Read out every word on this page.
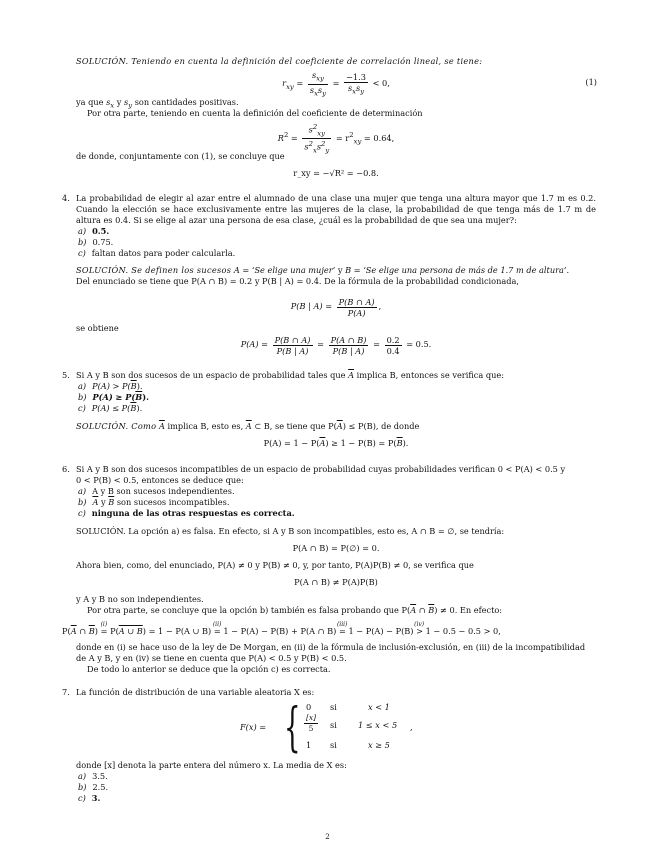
SOLUCIÓN. Teniendo en cuenta la definición del coeficiente de correlación lineal, se tiene:
$r_{xy} = \frac{s_{xy}}{s_xs_y} = \frac{-1.3}{s_xs_y} < 0$,	(1)
ya que $s_x$ y $s_y$ son cantidades positivas.
Por otra parte, teniendo en cuenta la definición del coeficiente de determinación
$R^2 = \frac{s^2_{xy}}{s^2_xs^2_y} = r^2_{xy} = 0.64$,
de donde, conjuntamente con (1), se concluye que
r_xy = −√R² = −0.8.
4. La probabilidad de elegir al azar entre el alumnado de una clase una mujer que tenga una altura mayor que 1.7 m es 0.2. Cuando la elección se hace exclusivamente entre las mujeres de la clase, la probabilidad de que tenga más de 1.7 m de altura es 0.4. Si se elige al azar una persona de esa clase, ¿cuál es la probabilidad de que sea una mujer?:
a) 0.5.
b) 0.75.
c) faltan datos para poder calcularla.
SOLUCIÓN. Se definen los sucesos A = ‘Se elige una mujer’ y B = ‘Se elige una persona de más de 1.7 m de altura’.
Del enunciado se tiene que P(A ∩ B) = 0.2 y P(B | A) = 0.4. De la fórmula de la probabilidad condicionada,
P(B | $A) = \frac{P(B \cap A)}{P(A)}$ ,
se obtiene
$P(A) = \frac{P(B \cap A)}{P(B | A)} = \frac{P(A \cap B)}{P(B | A)} = \frac{0.2}{0.4} = 0.5$.
5. Si A y B son dos sucesos de un espacio de probabilidad tales que $\overline{A}$ implica B, entonces se verifica que:
a) $P(A) > P(\overline{B})$.
b) $P(A) \ge P(\overline{B})$.
c) $P(A) \le P(\overline{B})$.
SOLUCIÓN. Como $\overline{A}$ implica B, esto es, $\overline{A}$ ⊂ B, se tiene que $P(\overline{A}) \le P(B)$, de donde
$P(A) = 1 - P(\overline{A}) \ge 1 - P(B) = P(\overline{B})$.
6. Si A y B son dos sucesos incompatibles de un espacio de probabilidad cuyas probabilidades verifican 0 < P(A) < 0.5 y
0 < P(B) < 0.5, entonces se deduce que:
a) A y B son sucesos independientes.
b) $\overline{A}$ y $\overline{B}$ son sucesos incompatibles.
c) ninguna de las otras respuestas es correcta.
SOLUCIÓN. La opción a) es falsa. En efecto, si A y B son incompatibles, esto es, A ∩ B = ∅, se tendría:
P(A ∩ B) = P(∅) = 0.
Ahora bien, como, del enunciado, P(A) ≠ 0 y P(B) ≠ 0, y, por tanto, P(A)P(B) ≠ 0, se verifica que
P(A ∩ B) ≠ P(A)P(B)
y A y B no son independientes.
Por otra parte, se concluye que la opción b) también es falsa probando que $P(\overline{A}$ ∩ $\overline{B}) \ne 0$. En efecto:
$P(\overline{A}$ ∩ $\overline{B}$)
(i)
= P(A ∪ B) = 1 − P(A ∪ B)
(ii)
= 1 − P(A) − P(B) + P(A ∩ B)
(iii)
= 1 − P(A) − P(B)
(iv)
> 1 − 0.5 − 0.5 > 0,
donde en (i) se hace uso de la ley de De Morgan, en (ii) de la fórmula de inclusión-exclusión, en (iii) de la incompatibilidad
de A y B, y en (iv) se tiene en cuenta que P(A) < 0.5 y P(B) < 0.5.
De todo lo anterior se deduce que la opción c) es correcta.
7. La función de distribución de una variable aleatoria X es:
F(x) = { 0 si	x < 1
$\frac{[x]}{5}$ si	1 ≤ x < 5 ,
1 si	x ≥ 5
donde [x] denota la parte entera del número x. La media de X es:
a) 3.5.
b) 2.5.
c) 3.
2
